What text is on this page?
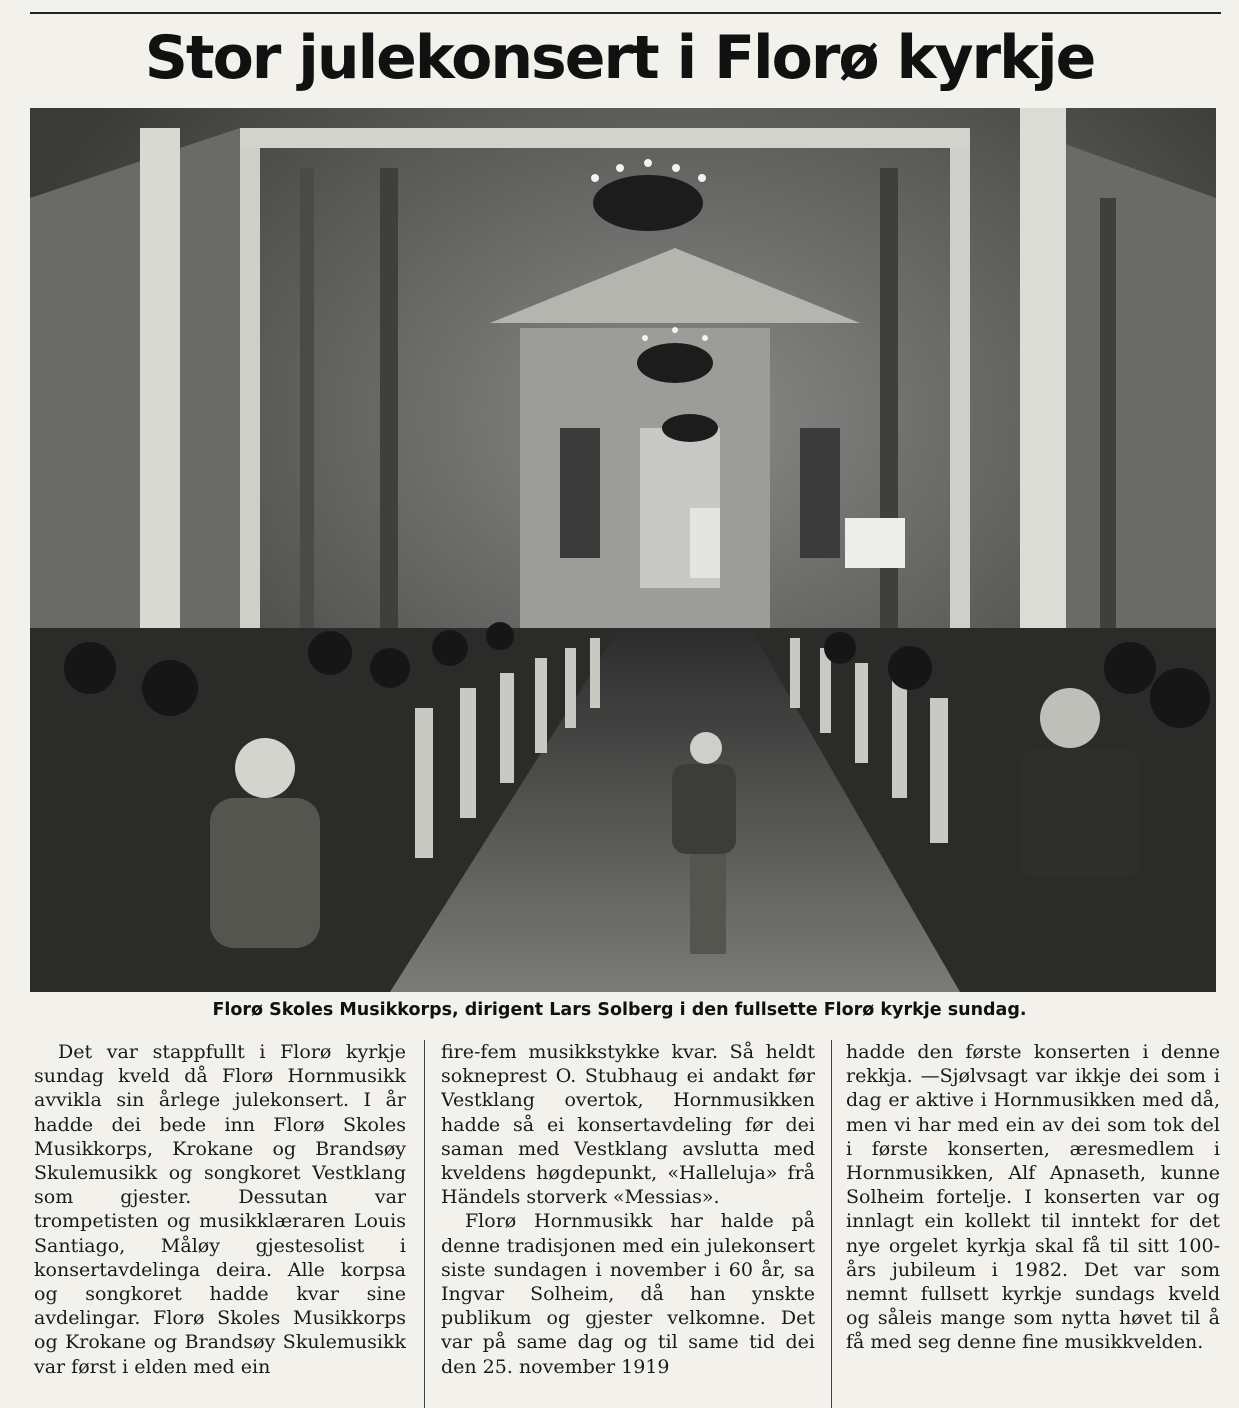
Stor julekonsert i Florø kyrkje
Florø Skoles Musikkorps, dirigent Lars Solberg i den fullsette Florø kyrkje sundag.

Det var stappfullt i Florø kyrkje sundag kveld då Florø Hornmusikk avvikla sin årlege julekonsert. I år hadde dei bede inn Florø Skoles Musikkorps, Krokane og Brandsøy Skulemusikk og songkoret Vestklang som gjester. Dessutan var trompetisten og musikklæraren Louis Santiago, Måløy gjestesolist i konsertavdelinga deira. Alle korpsa og songkoret hadde kvar sine avdelingar. Florø Skoles Musikkorps og Krokane og Brandsøy Skulemusikk var først i elden med ein

fire-fem musikkstykke kvar. Så heldt sokneprest O. Stubhaug ei andakt før Vestklang overtok, Hornmusikken hadde så ei konsertavdeling før dei saman med Vestklang avslutta med kveldens høgdepunkt, «Halleluja» frå Händels storverk «Messias».

Florø Hornmusikk har halde på denne tradisjonen med ein julekonsert siste sundagen i november i 60 år, sa Ingvar Solheim, då han ynskte publikum og gjester velkomne. Det var på same dag og til same tid dei den 25. november 1919

hadde den første konserten i denne rekkja. —Sjølvsagt var ikkje dei som i dag er aktive i Hornmusikken med då, men vi har med ein av dei som tok del i første konserten, æresmedlem i Hornmusikken, Alf Apnaseth, kunne Solheim fortelje. I konserten var og innlagt ein kollekt til inntekt for det nye orgelet kyrkja skal få til sitt 100-års jubileum i 1982. Det var som nemnt fullsett kyrkje sundags kveld og såleis mange som nytta høvet til å få med seg denne fine musikkvelden.
